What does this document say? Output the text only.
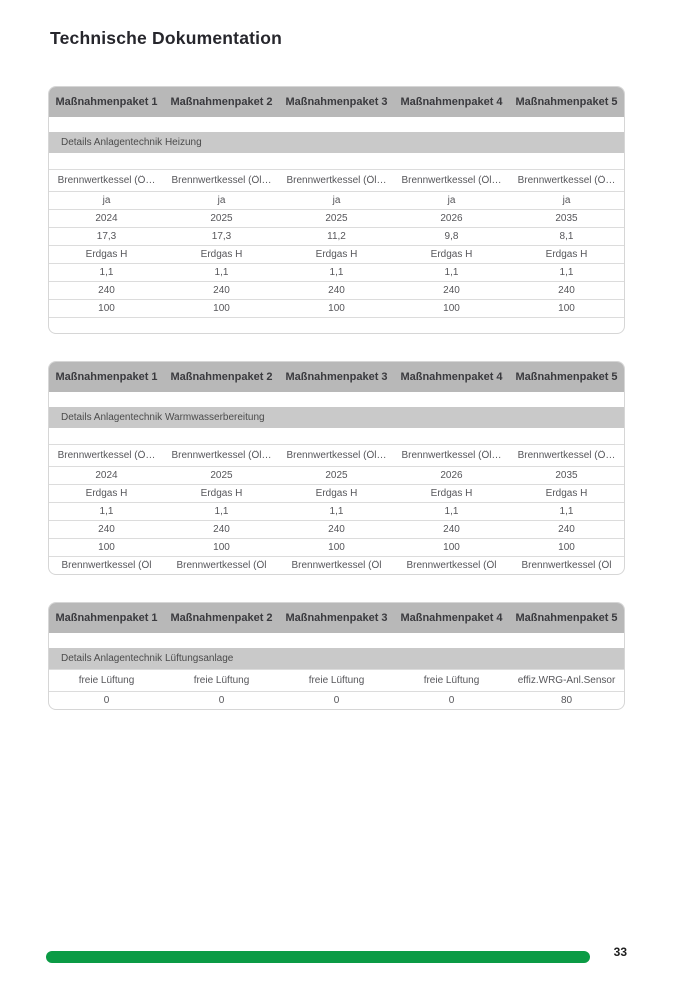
Technische Dokumentation
Maßnahmenpaket 1	Maßnahmenpaket 2	Maßnahmenpaket 3	Maßnahmenpaket 4	Maßnahmenpaket 5
Details Anlagentechnik Heizung
Brennwertkessel (Ö…	Brennwertkessel (Öl…	Brennwertkessel (Öl…	Brennwertkessel (Öl…	Brennwertkessel (Ö…
ja	ja	ja	ja	ja
2024	2025	2025	2026	2035
17,3	17,3	11,2	9,8	8,1
Erdgas H	Erdgas H	Erdgas H	Erdgas H	Erdgas H
1,1	1,1	1,1	1,1	1,1
240	240	240	240	240
100	100	100	100	100
Maßnahmenpaket 1	Maßnahmenpaket 2	Maßnahmenpaket 3	Maßnahmenpaket 4	Maßnahmenpaket 5
Details Anlagentechnik Warmwasserbereitung
Brennwertkessel (Ö…	Brennwertkessel (Öl…	Brennwertkessel (Öl…	Brennwertkessel (Öl…	Brennwertkessel (Ö…
2024	2025	2025	2026	2035
Erdgas H	Erdgas H	Erdgas H	Erdgas H	Erdgas H
1,1	1,1	1,1	1,1	1,1
240	240	240	240	240
100	100	100	100	100
Brennwertkessel (Öl	Brennwertkessel (Öl	Brennwertkessel (Öl	Brennwertkessel (Öl	Brennwertkessel (Öl
Maßnahmenpaket 1	Maßnahmenpaket 2	Maßnahmenpaket 3	Maßnahmenpaket 4	Maßnahmenpaket 5
Details Anlagentechnik Lüftungsanlage
freie Lüftung	freie Lüftung	freie Lüftung	freie Lüftung	effiz.WRG-Anl.Sensor
0	0	0	0	80
33
